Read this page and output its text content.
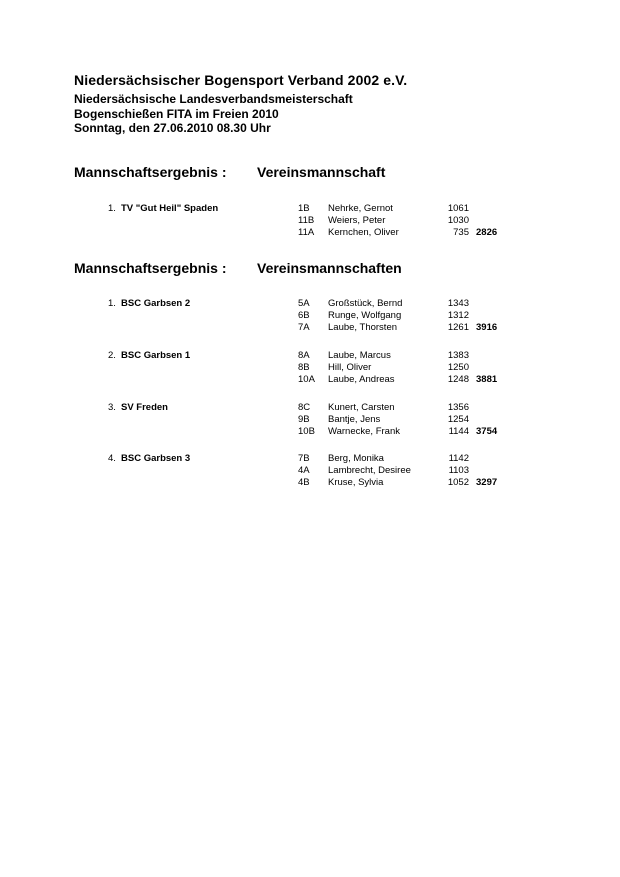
Niedersächsischer Bogensport Verband 2002 e.V.
Niedersächsische Landesverbandsmeisterschaft
Bogenschießen FITA im Freien 2010
Sonntag, den 27.06.2010 08.30 Uhr
Mannschaftsergebnis : Vereinsmannschaft
1. TV "Gut Heil" Spaden	1B Nehrke, Gernot	1061
11B Weiers, Peter	1030
11A Kernchen, Oliver	735 2826
Mannschaftsergebnis : Vereinsmannschaften
1. BSC Garbsen 2	5A Großstück, Bernd	1343
6B Runge, Wolfgang	1312
7A Laube, Thorsten	1261 3916
2. BSC Garbsen 1	8A Laube, Marcus	1383
8B Hill, Oliver	1250
10A Laube, Andreas	1248 3881
3. SV Freden	8C Kunert, Carsten	1356
9B Bantje, Jens	1254
10B Warnecke, Frank	1144 3754
4. BSC Garbsen 3	7B Berg, Monika	1142
4A Lambrecht, Desiree	1103
4B Kruse, Sylvia	1052 3297
